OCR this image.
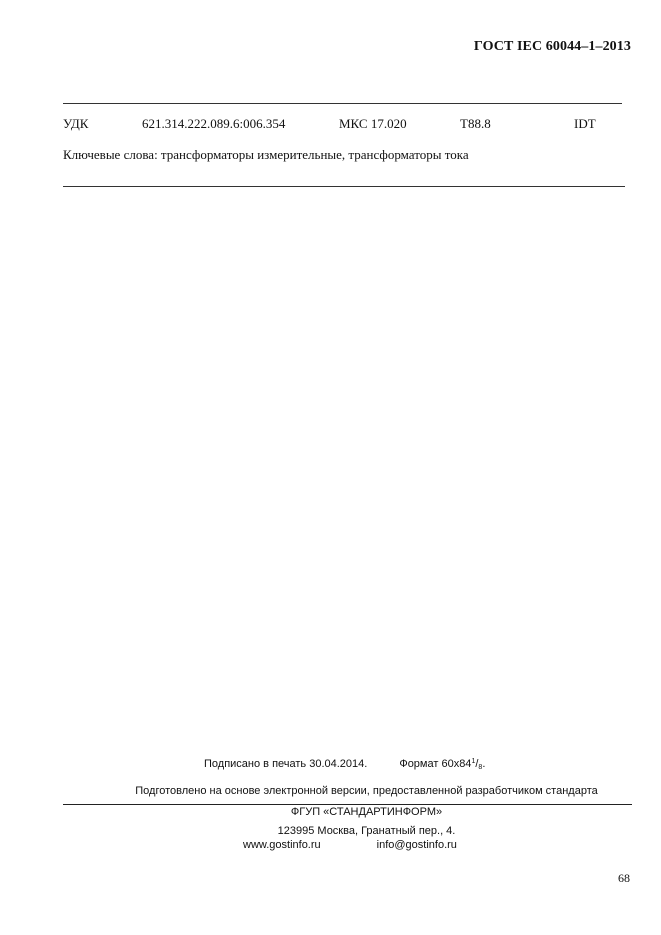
ГОСТ IEC 60044–1–2013
УДК	621.314.222.089.6:006.354	МКС 17.020	Т88.8	IDT
Ключевые слова: трансформаторы измерительные, трансформаторы тока
Подписано в печать 30.04.2014.	Формат $60х84^1/_8$.
Подготовлено на основе электронной версии, предоставленной разработчиком стандарта
ФГУП «СТАНДАРТИНФОРМ»
123995 Москва, Гранатный пер., 4.
www.gostinfo.ru	info@gostinfo.ru
68
